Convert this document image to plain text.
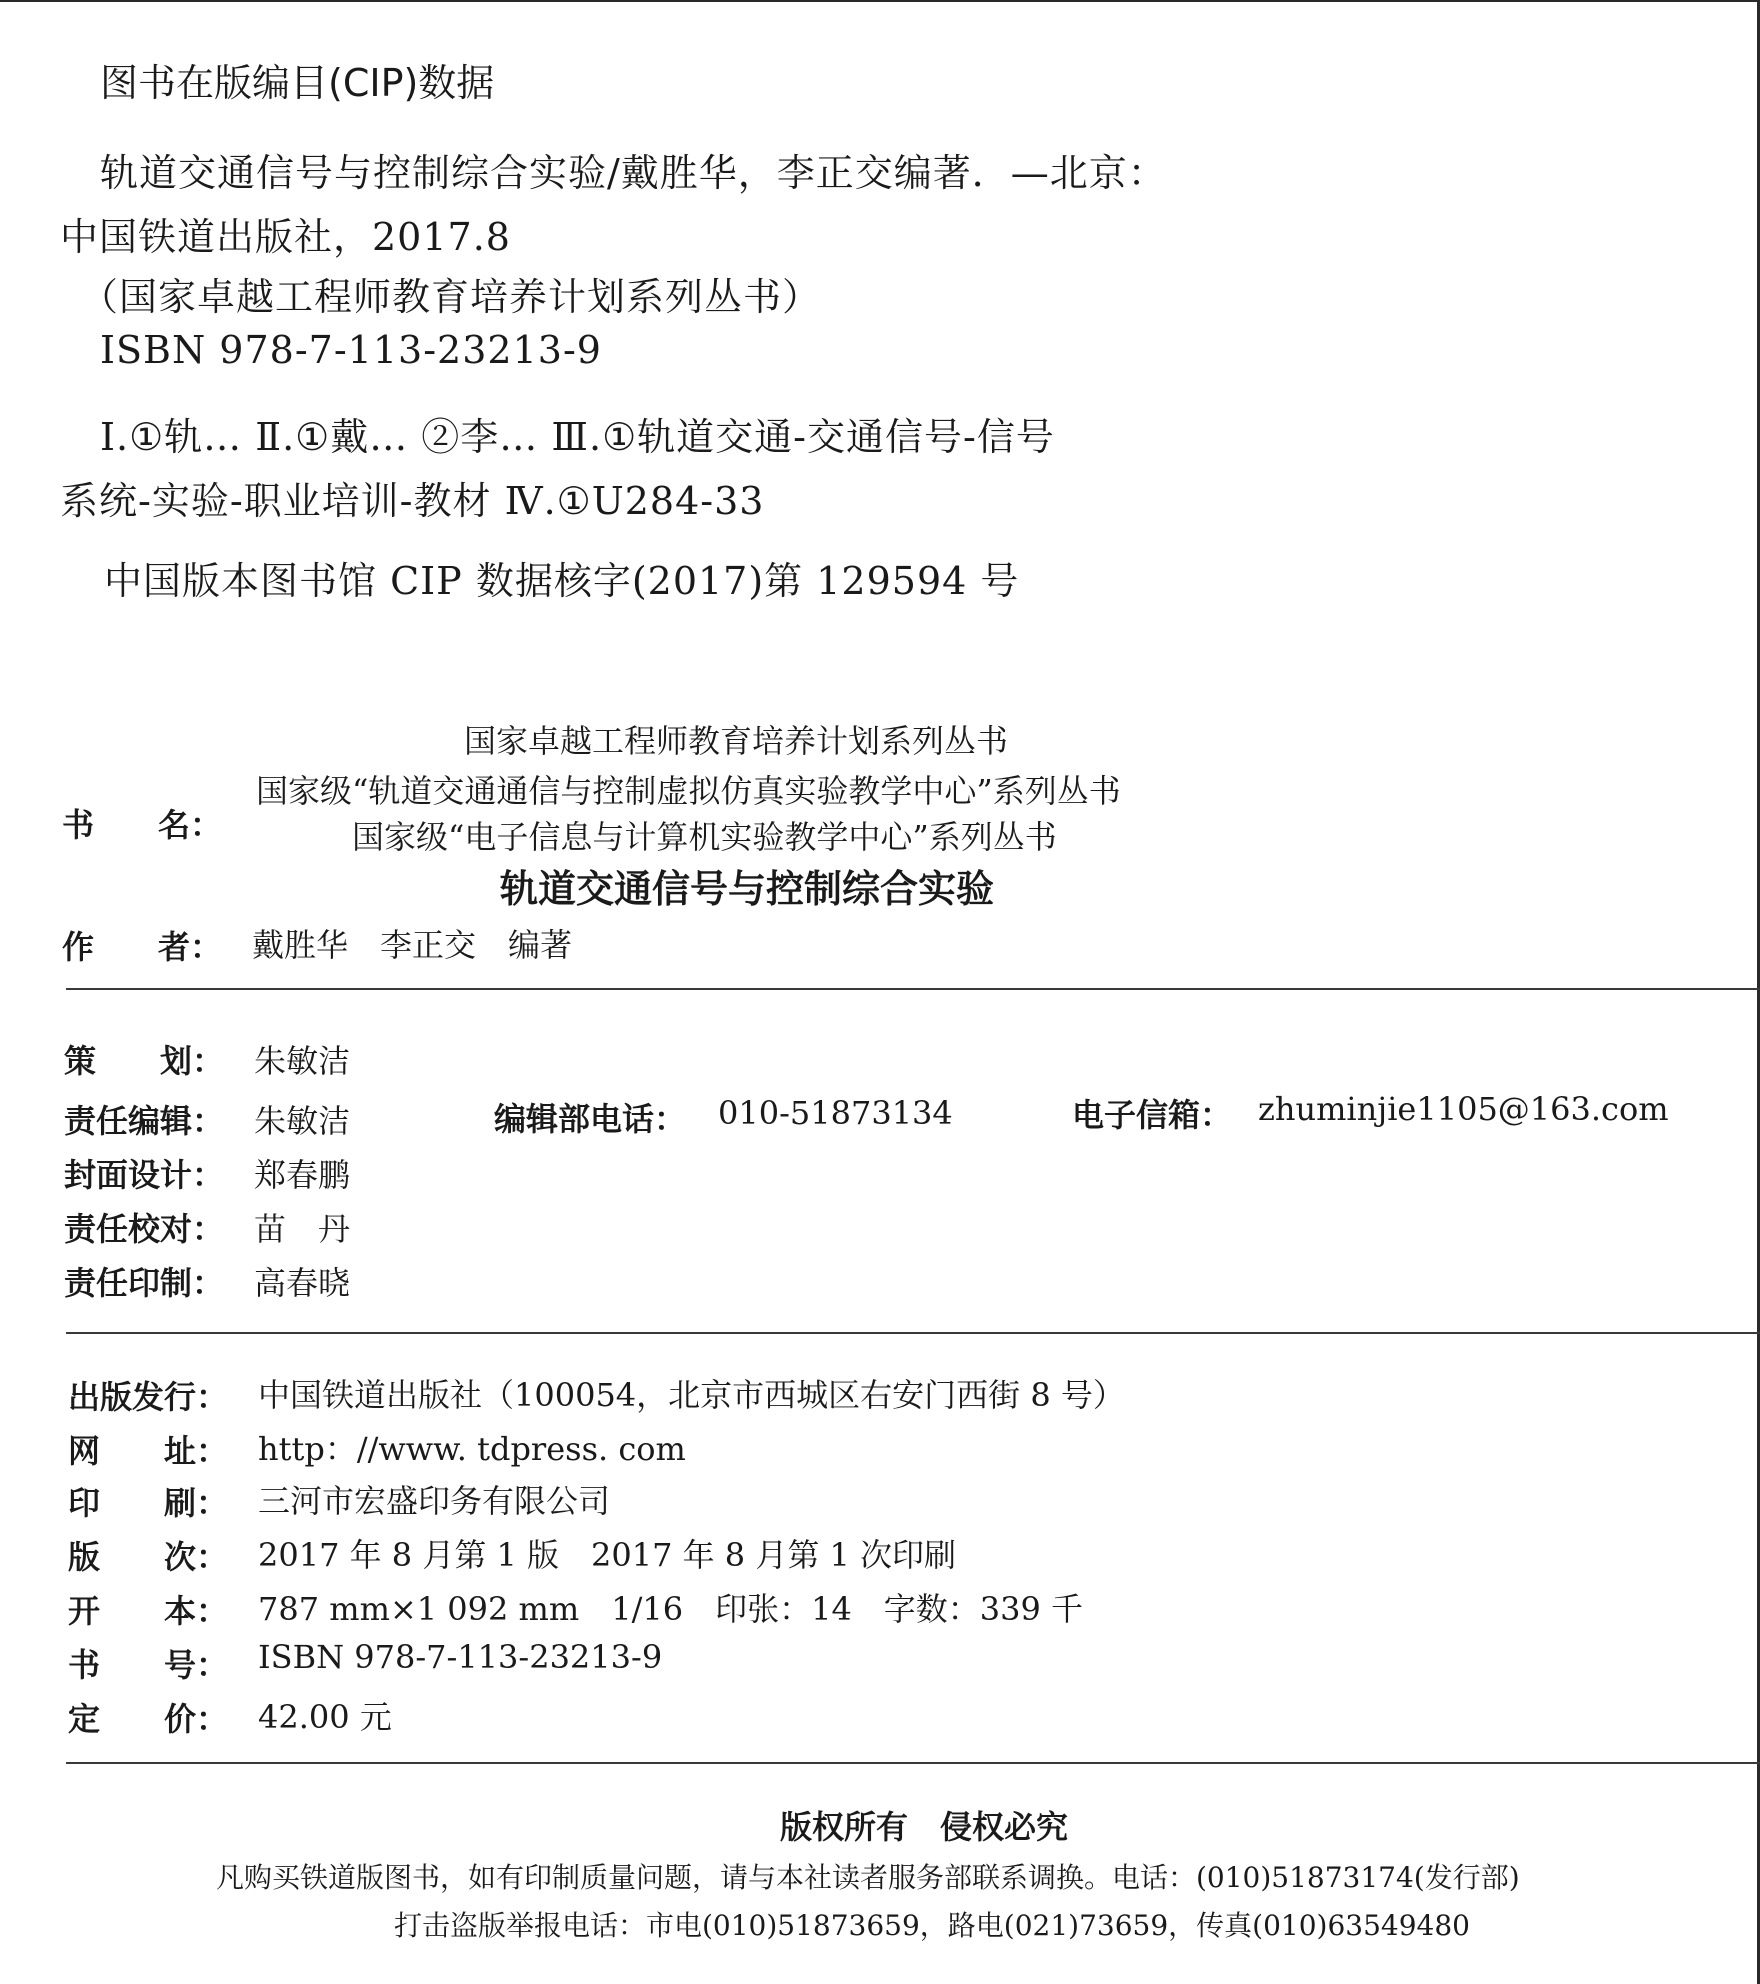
图书在版编目(CIP)数据
轨道交通信号与控制综合实验/戴胜华，李正交编著．—北京：
中国铁道出版社，2017.8
（国家卓越工程师教育培养计划系列丛书）
ISBN 978-7-113-23213-9
Ⅰ.①轨… Ⅱ.①戴… ②李… Ⅲ.①轨道交通-交通信号-信号
系统-实验-职业培训-教材 Ⅳ.①U284-33
中国版本图书馆 CIP 数据核字(2017)第 129594 号
国家卓越工程师教育培养计划系列丛书
书　　名：
国家级“轨道交通通信与控制虚拟仿真实验教学中心”系列丛书
国家级“电子信息与计算机实验教学中心”系列丛书
轨道交通信号与控制综合实验
作　　者： 戴胜华　李正交　编著
策　　划： 朱敏洁
责任编辑： 朱敏洁	编辑部电话： 010-51873134	电子信箱： zhuminjie1105@163.com
封面设计： 郑春鹏
责任校对： 苗　丹
责任印制： 高春晓
出版发行： 中国铁道出版社（100054，北京市西城区右安门西街 8 号）
网　　址： http：//www. tdpress. com
印　　刷： 三河市宏盛印务有限公司
版　　次： 2017 年 8 月第 1 版　2017 年 8 月第 1 次印刷
开　　本： 787 mm×1 092 mm　1/16　印张：14　字数：339 千
书　　号： ISBN 978-7-113-23213-9
定　　价： 42.00 元
版权所有　侵权必究
凡购买铁道版图书，如有印制质量问题，请与本社读者服务部联系调换。电话：(010)51873174(发行部)
打击盗版举报电话：市电(010)51873659，路电(021)73659，传真(010)63549480
